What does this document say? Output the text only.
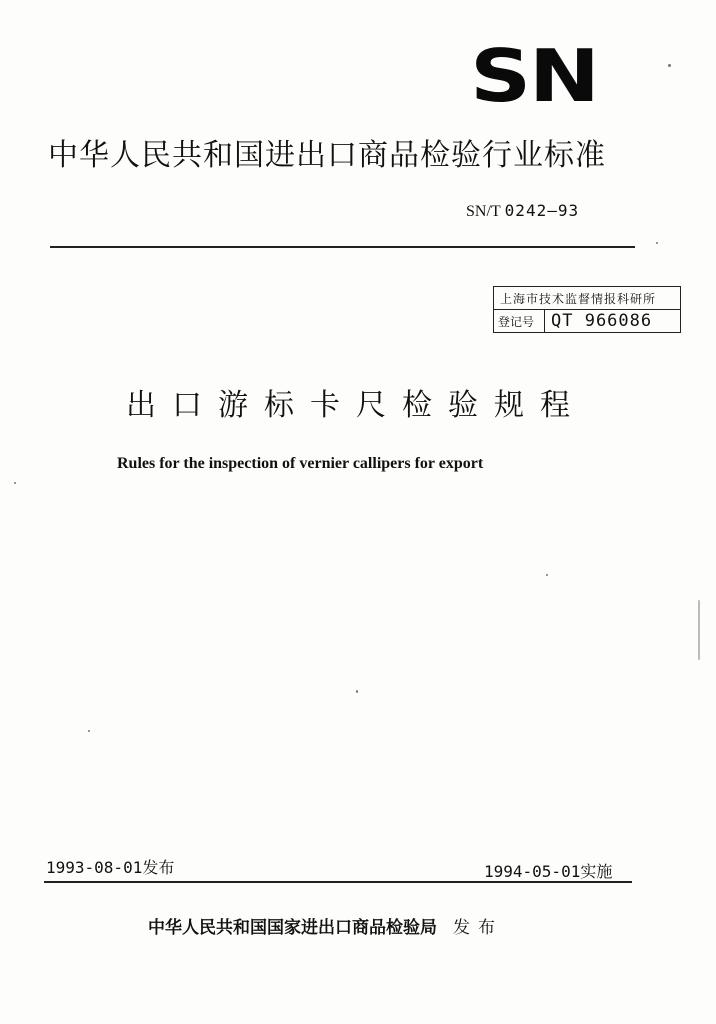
SN
中华人民共和国进出口商品检验行业标准
SN/T 0242—93
上海市技术监督情报科研所
登记号 QT 966086
出口游标卡尺检验规程
Rules for the inspection of vernier callipers for export
1993-08-01发布	1994-05-01实施
中华人民共和国国家进出口商品检验局 发布
